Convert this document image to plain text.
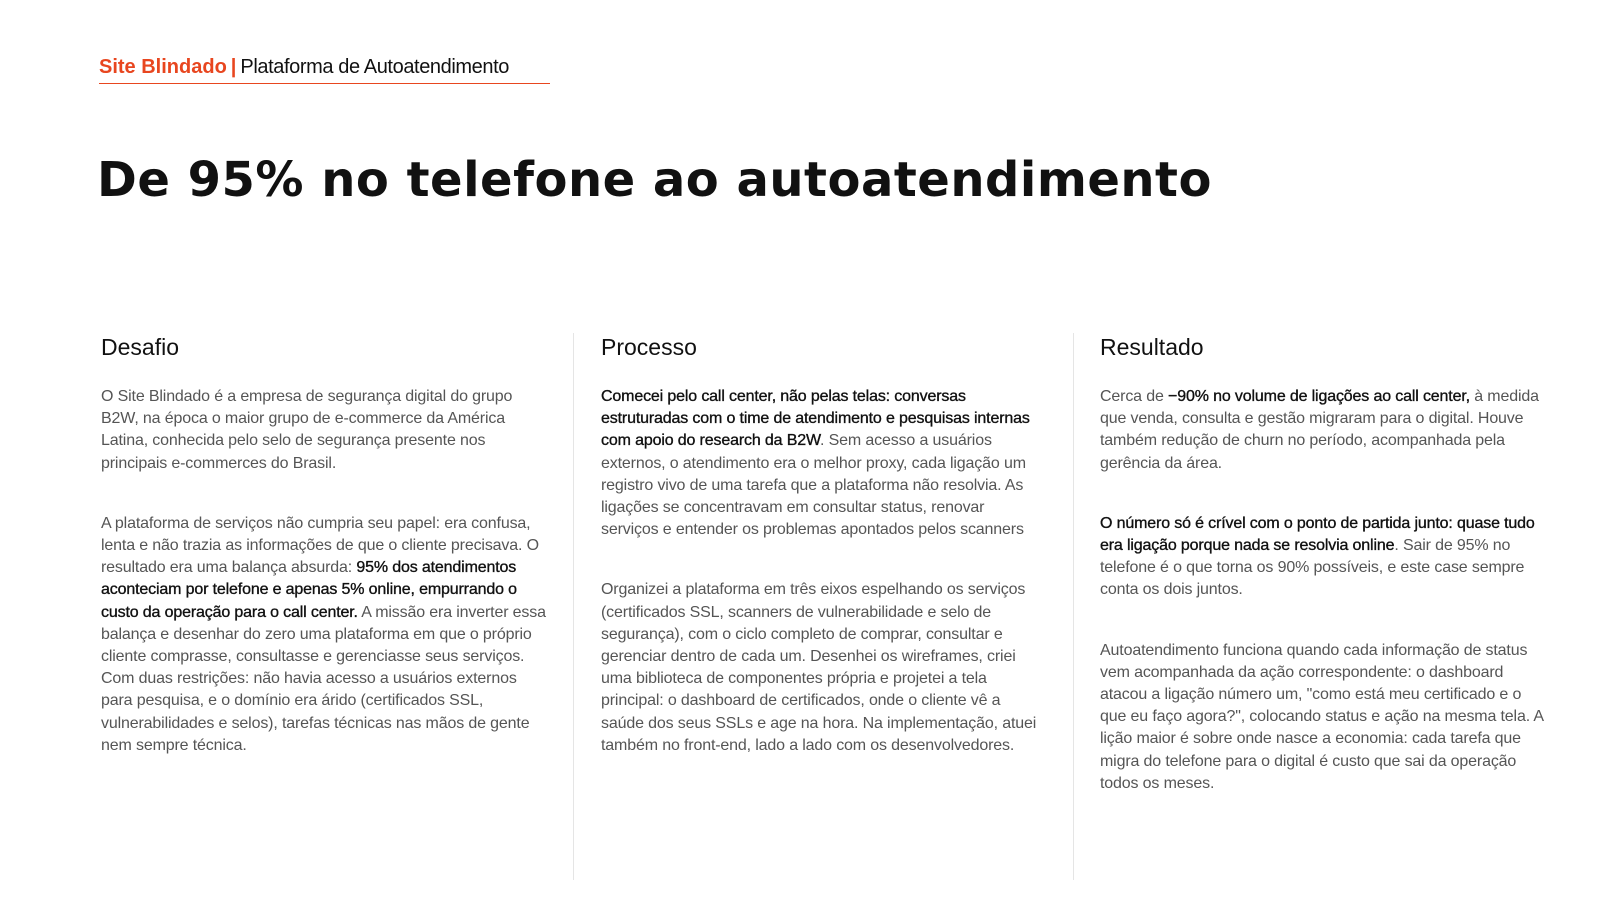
Site Blindado | Plataforma de Autoatendimento
De 95% no telefone ao autoatendimento
Desafio

O Site Blindado é a empresa de segurança digital do grupo B2W, na época o maior grupo de e-commerce da América Latina, conhecida pelo selo de segurança presente nos principais e-commerces do Brasil.

A plataforma de serviços não cumpria seu papel: era confusa, lenta e não trazia as informações de que o cliente precisava. O resultado era uma balança absurda: 95% dos atendimentos aconteciam por telefone e apenas 5% online, empurrando o custo da operação para o call center. A missão era inverter essa balança e desenhar do zero uma plataforma em que o próprio cliente comprasse, consultasse e gerenciasse seus serviços. Com duas restrições: não havia acesso a usuários externos para pesquisa, e o domínio era árido (certificados SSL, vulnerabilidades e selos), tarefas técnicas nas mãos de gente nem sempre técnica.

Processo

Comecei pelo call center, não pelas telas: conversas estruturadas com o time de atendimento e pesquisas internas com apoio do research da B2W. Sem acesso a usuários externos, o atendimento era o melhor proxy, cada ligação um registro vivo de uma tarefa que a plataforma não resolvia. As ligações se concentravam em consultar status, renovar serviços e entender os problemas apontados pelos scanners

Organizei a plataforma em três eixos espelhando os serviços (certificados SSL, scanners de vulnerabilidade e selo de segurança), com o ciclo completo de comprar, consultar e gerenciar dentro de cada um. Desenhei os wireframes, criei uma biblioteca de componentes própria e projetei a tela principal: o dashboard de certificados, onde o cliente vê a saúde dos seus SSLs e age na hora. Na implementação, atuei também no front-end, lado a lado com os desenvolvedores.

Resultado

Cerca de −90% no volume de ligações ao call center, à medida que venda, consulta e gestão migraram para o digital. Houve também redução de churn no período, acompanhada pela gerência da área.

O número só é crível com o ponto de partida junto: quase tudo era ligação porque nada se resolvia online. Sair de 95% no telefone é o que torna os 90% possíveis, e este case sempre conta os dois juntos.

Autoatendimento funciona quando cada informação de status vem acompanhada da ação correspondente: o dashboard atacou a ligação número um, "como está meu certificado e o que eu faço agora?", colocando status e ação na mesma tela. A lição maior é sobre onde nasce a economia: cada tarefa que migra do telefone para o digital é custo que sai da operação todos os meses.
